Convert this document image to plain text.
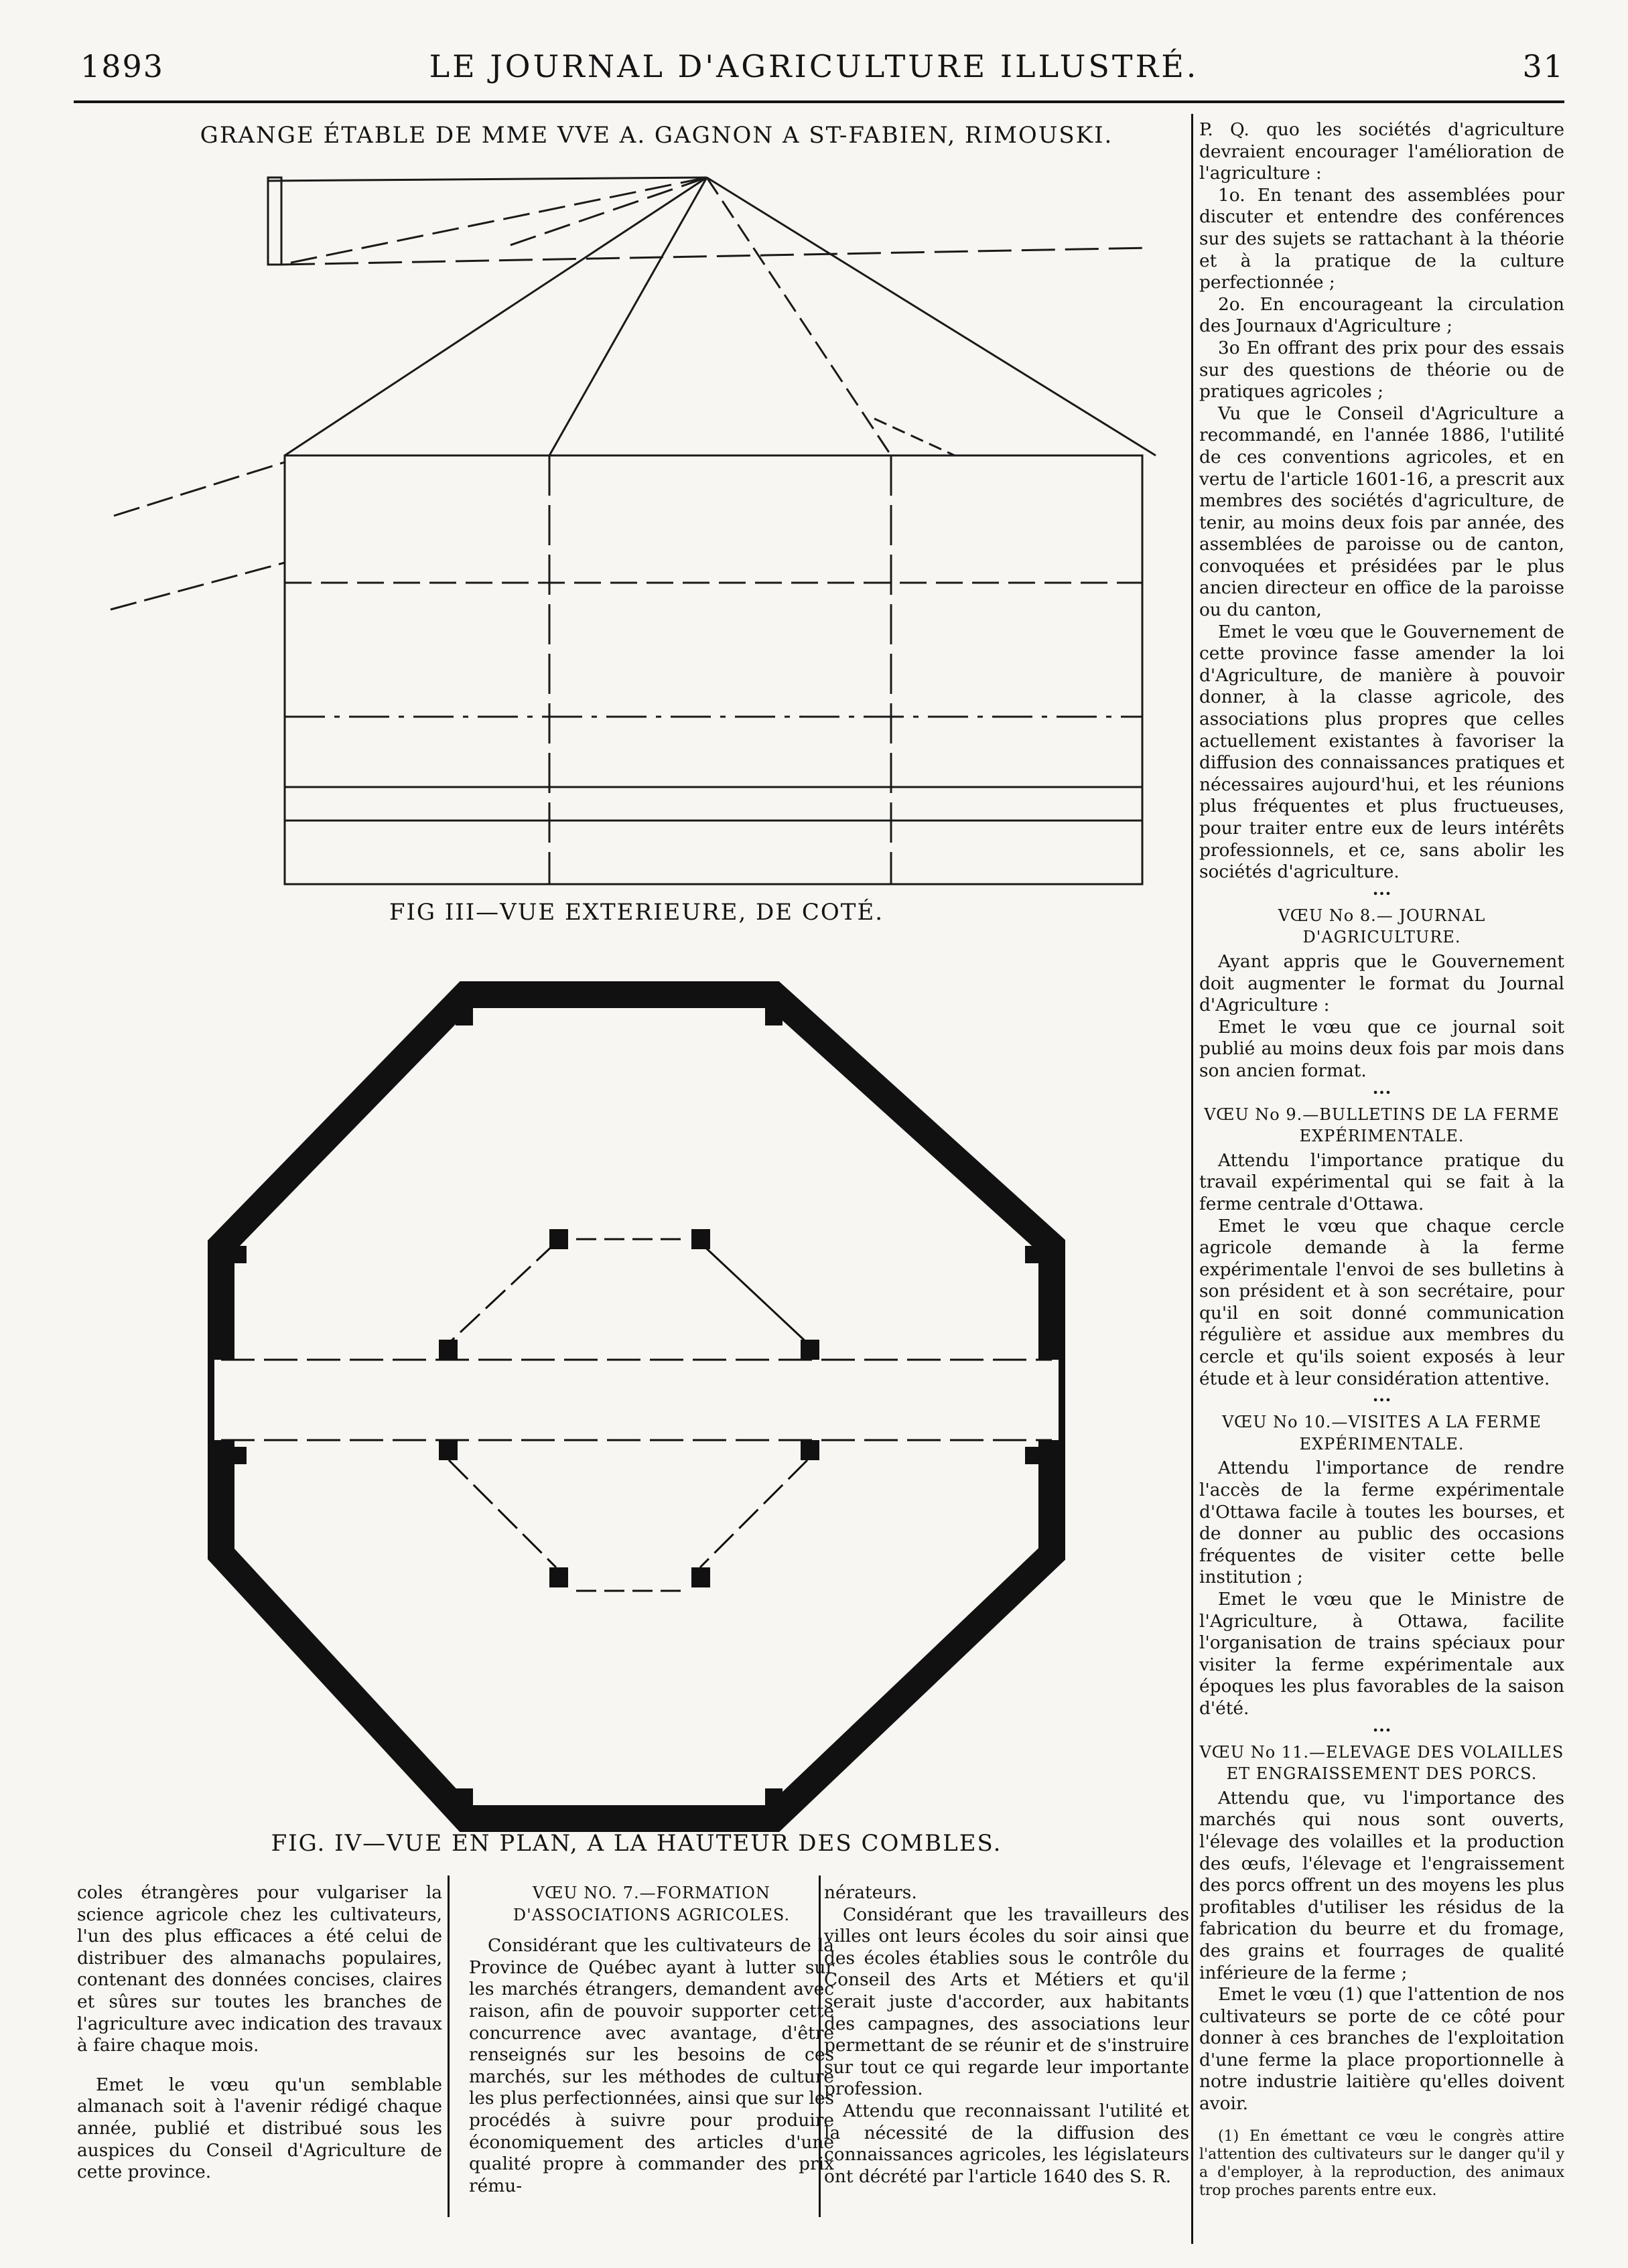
1893	LE JOURNAL D'AGRICULTURE ILLUSTRÉ.	31
GRANGE ÉTABLE DE MME VVE A. GAGNON A ST-FABIEN, RIMOUSKI.
FIG III—VUE EXTERIEURE, DE COTÉ.
FIG. IV—VUE EN PLAN, A LA HAUTEUR DES COMBLES.

P. Q. quo les sociétés d'agriculture devraient encourager l'amélioration de l'agriculture :

1o. En tenant des assemblées pour discuter et entendre des conférences sur des sujets se rattachant à la théorie et à la pratique de la culture perfectionnée ;

2o. En encourageant la circulation des Journaux d'Agriculture ;

3o En offrant des prix pour des essais sur des questions de théorie ou de pratiques agricoles ;

Vu que le Conseil d'Agriculture a recommandé, en l'année 1886, l'utilité de ces conventions agricoles, et en vertu de l'article 1601-16, a prescrit aux membres des sociétés d'agriculture, de tenir, au moins deux fois par année, des assemblées de paroisse ou de canton, convoquées et présidées par le plus ancien directeur en office de la paroisse ou du canton,

Emet le vœu que le Gouvernement de cette province fasse amender la loi d'Agriculture, de manière à pouvoir donner, à la classe agricole, des associations plus propres que celles actuellement existantes à favoriser la diffusion des connaissances pratiques et nécessaires aujourd'hui, et les réunions plus fréquentes et plus fructueuses, pour traiter entre eux de leurs intérêts professionnels, et ce, sans abolir les sociétés d'agriculture.

•••

VŒU No 8.— JOURNAL D'AGRICULTURE.

Ayant appris que le Gouvernement doit augmenter le format du Journal d'Agriculture :

Emet le vœu que ce journal soit publié au moins deux fois par mois dans son ancien format.

•••

VŒU No 9.—BULLETINS DE LA FERME EXPÉRIMENTALE.

Attendu l'importance pratique du travail expérimental qui se fait à la ferme centrale d'Ottawa.

Emet le vœu que chaque cercle agricole demande à la ferme expérimentale l'envoi de ses bulletins à son président et à son secrétaire, pour qu'il en soit donné communication régulière et assidue aux membres du cercle et qu'ils soient exposés à leur étude et à leur considération attentive.

•••

VŒU No 10.—VISITES A LA FERME EXPÉRIMENTALE.

Attendu l'importance de rendre l'accès de la ferme expérimentale d'Ottawa facile à toutes les bourses, et de donner au public des occasions fréquentes de visiter cette belle institution ;

Emet le vœu que le Ministre de l'Agriculture, à Ottawa, facilite l'organisation de trains spéciaux pour visiter la ferme expérimentale aux époques les plus favorables de la saison d'été.

•••

VŒU No 11.—ELEVAGE DES VOLAILLES ET ENGRAISSEMENT DES PORCS.

Attendu que, vu l'importance des marchés qui nous sont ouverts, l'élevage des volailles et la production des œufs, l'élevage et l'engraissement des porcs offrent un des moyens les plus profitables d'utiliser les résidus de la fabrication du beurre et du fromage, des grains et fourrages de qualité inférieure de la ferme ;

Emet le vœu (1) que l'attention de nos cultivateurs se porte de ce côté pour donner à ces branches de l'exploitation d'une ferme la place proportionnelle à notre industrie laitière qu'elles doivent avoir.

(1) En émettant ce vœu le congrès attire l'attention des cultivateurs sur le danger qu'il y a d'employer, à la reproduction, des animaux trop proches parents entre eux.

coles étrangères pour vulgariser la science agricole chez les cultivateurs, l'un des plus efficaces a été celui de distribuer des almanachs populaires, contenant des données concises, claires et sûres sur toutes les branches de l'agriculture avec indication des travaux à faire chaque mois.

Emet le vœu qu'un semblable almanach soit à l'avenir rédigé chaque année, publié et distribué sous les auspices du Conseil d'Agriculture de cette province.

VŒU NO. 7.—FORMATION D'ASSOCIATIONS AGRICOLES.

Considérant que les cultivateurs de la Province de Québec ayant à lutter sur les marchés étrangers, demandent avec raison, afin de pouvoir supporter cette concurrence avec avantage, d'être renseignés sur les besoins de ces marchés, sur les méthodes de culture les plus perfectionnées, ainsi que sur les procédés à suivre pour produire économiquement des articles d'une qualité propre à commander des prix rému-

nérateurs.

Considérant que les travailleurs des villes ont leurs écoles du soir ainsi que des écoles établies sous le contrôle du Conseil des Arts et Métiers et qu'il serait juste d'accorder, aux habitants des campagnes, des associations leur permettant de se réunir et de s'instruire sur tout ce qui regarde leur importante profession.

Attendu que reconnaissant l'utilité et la nécessité de la diffusion des connaissances agricoles, les législateurs ont décrété par l'article 1640 des S. R.
